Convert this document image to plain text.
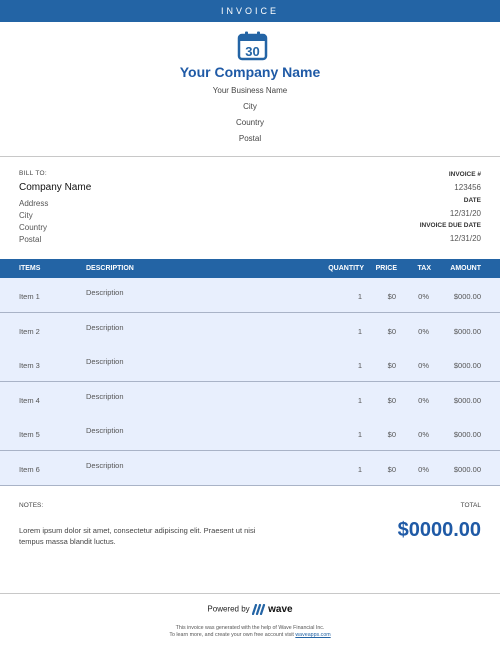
INVOICE
30
Your Company Name
Your Business Name
City
Country
Postal
BILL TO:
Company Name
Address
City
Country
Postal
INVOICE #
123456
DATE
12/31/20
INVOICE DUE DATE
12/31/20
ITEMS	DESCRIPTION	QUANTITY PRICE	TAX	AMOUNT
Item 1	Description	1	$0	0%	$000.00
Item 2	Description	1	$0	0%	$000.00
Item 3	Description	1	$0	0%	$000.00
Item 4	Description	1	$0	0%	$000.00
Item 5	Description	1	$0	0%	$000.00
Item 6	Description	1	$0	0%	$000.00
NOTES:	TOTAL
Lorem ipsum dolor sit amet, consectetur adipiscing elit. Praesent ut nisi tempus massa blandit luctus.
$0000.00
Powered by wave
This invoice was generated with the help of Wave Financial Inc.
To learn more, and create your own free account visit waveapps.com
